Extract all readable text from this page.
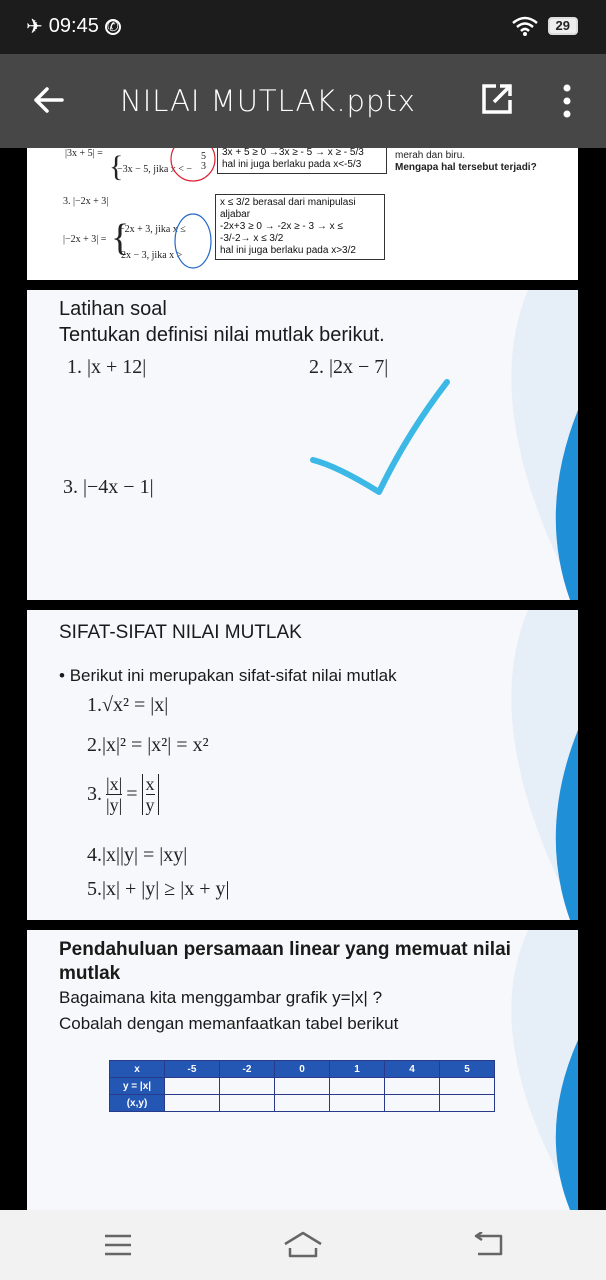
✈ 09:45 ✆	29
NILAI MUTLAK.pptx
|3x + 5| = {
−3x − 5, jika x < −
5
3
3x + 5 ≥ 0 →3x ≥ - 5 → x ≥ - 5/3
hal ini juga berlaku pada x<-5/3
merah dan biru.
Mengapa hal tersebut terjadi?
3. |−2x + 3|
|−2x + 3| = {
−2x + 3, jika x ≤
2x − 3, jika x >
x ≤ 3/2 berasal dari manipulasi
aljabar
-2x+3 ≥ 0 → -2x ≥ - 3 → x ≤
-3/-2→ x ≤ 3/2
hal ini juga berlaku pada x>3/2
Latihan soal
Tentukan definisi nilai mutlak berikut.
1. |x + 12|	2. |2x − 7|
3. |−4x − 1|
SIFAT-SIFAT NILAI MUTLAK
• Berikut ini merupakan sifat-sifat nilai mutlak
1.√x² = |x|
2.|x|² = |x²| = x²
3. $\frac{|x|}{|y|} = \frac{x}{y}$
4.|x||y| = |xy|
5.|x| + |y| ≥ |x + y|
Pendahuluan persamaan linear yang memuat nilai mutlak
Bagaimana kita menggambar grafik y=|x| ?
Cobalah dengan memanfaatkan tabel berikut
x	-5	-2	0	1	4	5
y = |x|						
(x,y)						
